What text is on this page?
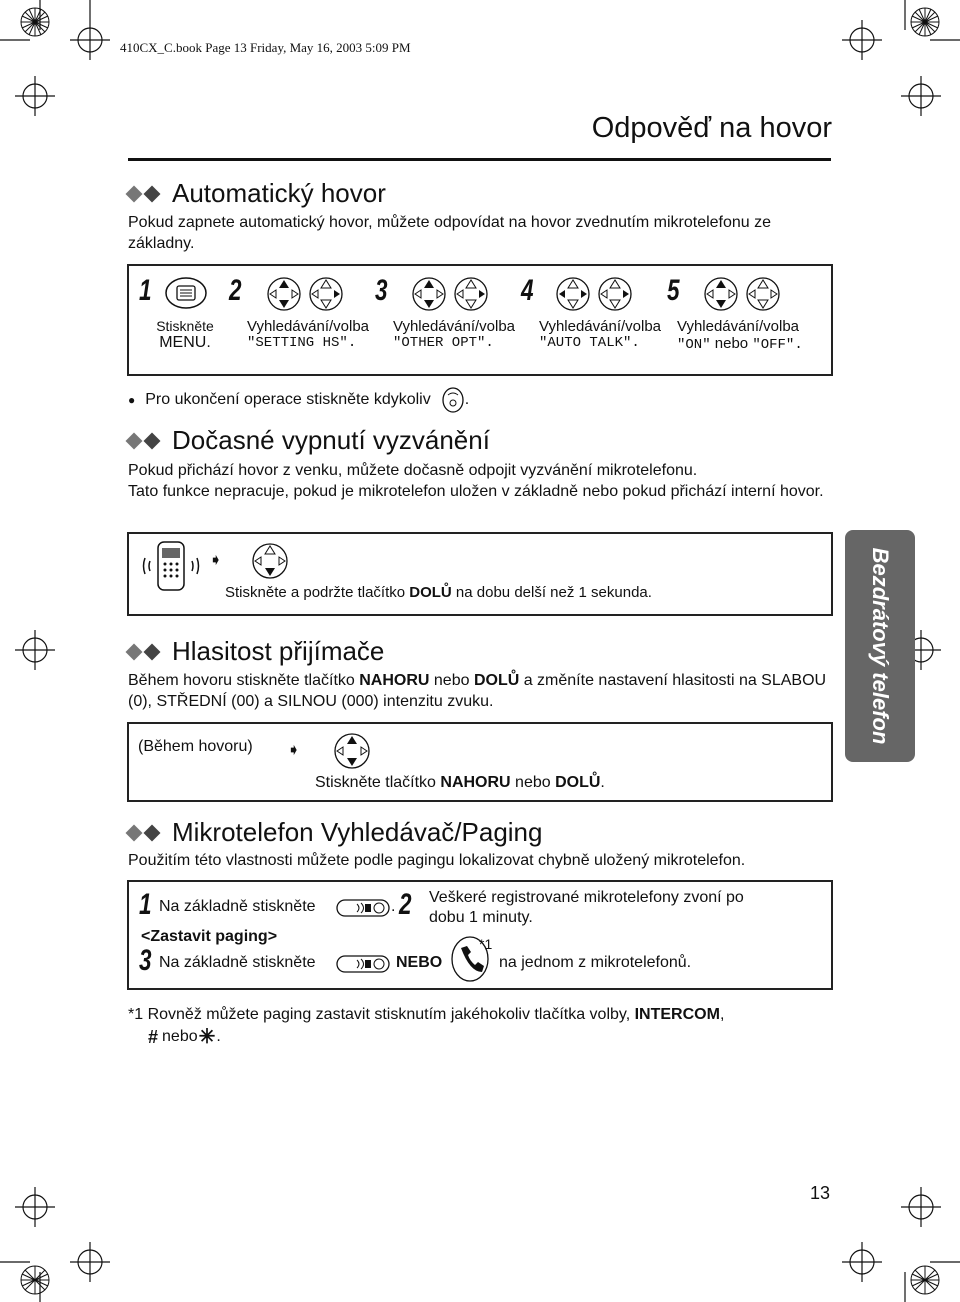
410CX_C.book Page 13 Friday, May 16, 2003 5:09 PM
Odpověď na hovor
Automatický hovor
Pokud zapnete automatický hovor, můžete odpovídat na hovor zvednutím mikrotelefonu ze základny.
1
Stiskněte
MENU.
2
Vyhledávání/volba
"SETTING HS".
3
Vyhledávání/volba
"OTHER OPT".
4
Vyhledávání/volba
"AUTO TALK".
5
Vyhledávání/volba
"ON" nebo "OFF".
● Pro ukončení operace stiskněte kdykoliv .
Dočasné vypnutí vyzvánění
Pokud přichází hovor z venku, můžete dočasně odpojit vyzvánění mikrotelefonu.
Tato funkce nepracuje, pokud je mikrotelefon uložen v základně nebo pokud přichází interní hovor.
➧
Stiskněte a podržte tlačítko DOLŮ na dobu delší než 1 sekunda.	Bezdrátový telefon
Hlasitost přijímače
Během hovoru stiskněte tlačítko NAHORU nebo DOLŮ a změníte nastavení hlasitosti na SLABOU (0), STŘEDNÍ (00) a SILNOU (000) intenzitu zvuku.
(Během hovoru) ➧
Stiskněte tlačítko NAHORU nebo DOLŮ.
Mikrotelefon Vyhledávač/Paging
Použitím této vlastnosti můžete podle pagingu lokalizovat chybně uložený mikrotelefon.
1 Na základně stiskněte	. 2 Veškeré registrované mikrotelefony zvoní po
dobu 1 minuty.
<Zastavit paging>
3 Na základně stiskněte	NEBO
*1
na jednom z mikrotelefonů.
*1 Rovněž můžete paging zastavit stisknutím jakéhokoliv tlačítka volby, INTERCOM,
# nebo ✳ .
13
